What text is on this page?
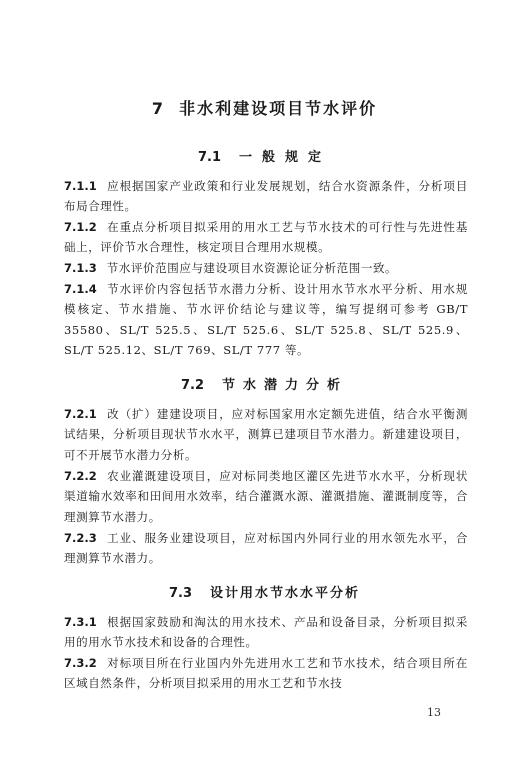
7 非水利建设项目节水评价
7.1 一般规定
7.1.1 应根据国家产业政策和行业发展规划，结合水资源条件，分析项目布局合理性。
7.1.2 在重点分析项目拟采用的用水工艺与节水技术的可行性与先进性基础上，评价节水合理性，核定项目合理用水规模。
7.1.3 节水评价范围应与建设项目水资源论证分析范围一致。
7.1.4 节水评价内容包括节水潜力分析、设计用水节水水平分析、用水规模核定、节水措施、节水评价结论与建议等，编写提纲可参考 GB/T 35580、SL/T 525.5、SL/T 525.6、SL/T 525.8、SL/T 525.9、SL/T 525.12、SL/T 769、SL/T 777 等。
7.2 节水潜力分析
7.2.1 改（扩）建建设项目，应对标国家用水定额先进值，结合水平衡测试结果，分析项目现状节水水平，测算已建项目节水潜力。新建建设项目，可不开展节水潜力分析。
7.2.2 农业灌溉建设项目，应对标同类地区灌区先进节水水平，分析现状渠道输水效率和田间用水效率，结合灌溉水源、灌溉措施、灌溉制度等，合理测算节水潜力。
7.2.3 工业、服务业建设项目，应对标国内外同行业的用水领先水平，合理测算节水潜力。
7.3 设计用水节水水平分析
7.3.1 根据国家鼓励和淘汰的用水技术、产品和设备目录，分析项目拟采用的用水节水技术和设备的合理性。
7.3.2 对标项目所在行业国内外先进用水工艺和节水技术，结合项目所在区域自然条件，分析项目拟采用的用水工艺和节水技
13
